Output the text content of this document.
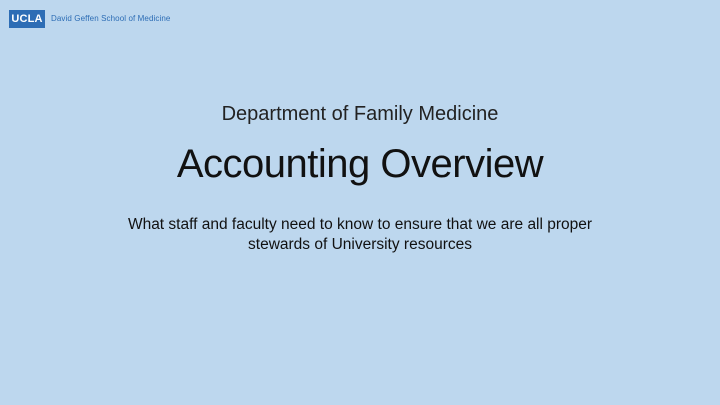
UCLA David Geffen School of Medicine
Department of Family Medicine
Accounting Overview
What staff and faculty need to know to ensure that we are all proper stewards of University resources
